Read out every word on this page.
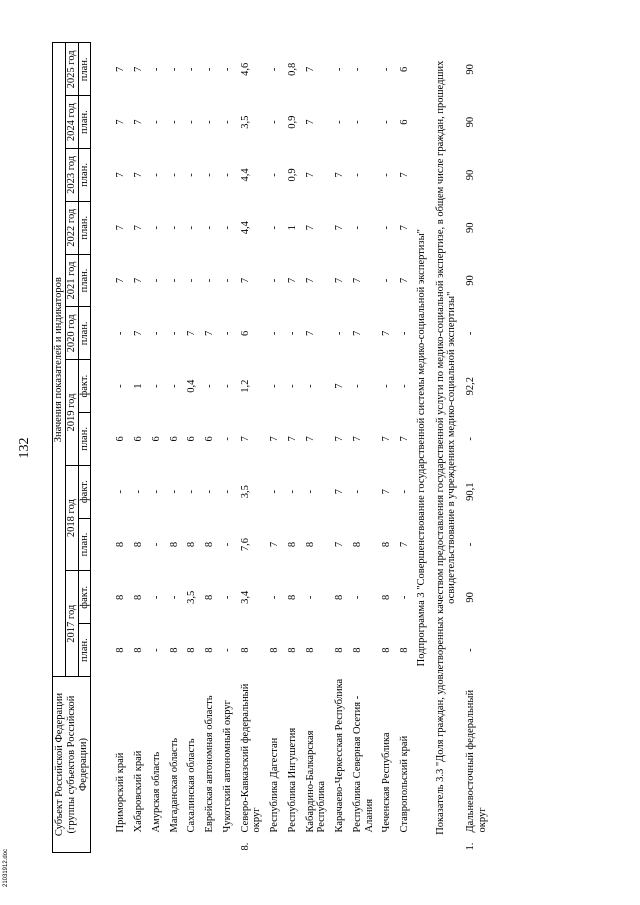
132
Субъект Российской Федерации (группы субъектов Российской Федерации)		Значения показателей и индикаторов											
		2017 год		2018 год		2019 год		2020 год	2021 год	2022 год	2023 год	2024 год	2025 год
		план.	факт.	план.	факт.	план.	факт.	план.	план.	план.	план.	план.	план.
	Приморский край	8	8	8	-	6	-	-	7	7	7	7	7
	Хабаровский край	8	8	8	-	6	1	7	7	7	7	7	7
	Амурская область	-	-	-	-	6	-	-	-	-	-	-	-
	Магаданская область	8	-	8	-	6	-	-	-	-	-	-	-
	Сахалинская область	8	3,5	8	-	6	0,4	7	-	-	-	-	-
	Еврейская автономная область	8	8	8	-	6	-	7	-	-	-	-	-
	Чукотский автономный округ	-	-	-	-	-	-	-	-	-	-	-	-
8.	Северо-Кавказский федеральный округ	8	3,4	7,6	3,5	7	1,2	6	7	4,4	4,4	3,5	4,6
	Республика Дагестан	8	-	7	-	7	-	-	-	-	-	-	-
	Республика Ингушетия	8	8	8	-	7	-	-	7	1	0,9	0,9	0,8
	Кабардино-Балкарская Республика	8	-	8	-	7	-	7	7	7	7	7	7
	Карачаево-Черкесская Республика	8	8	7	7	7	7	-	7	7	7	-	-
	Республика Северная Осетия - Алания	8	-	8	-	7	-	7	7	-	-	-	-
	Чеченская Республика	8	8	8	7	7	-	7	-	-	-	-	-
	Ставропольский край	8	-	7	-	7	-	-	7	7	7	6	6
Подпрограмма 3 "Совершенствование государственной системы медико-социальной экспертизы"													
Показатель 3.3 "Доля граждан, удовлетворенных качеством предоставления государственной услуги по медико-социальной экспертизе, в общем числе граждан, прошедших освидетельствование в учреждениях медико-социальной экспертизы"													
1.	Дальневосточный федеральный округ	-	90	-	90,1	-	92,2	-	90	90	90	90	90
21031912.doc
